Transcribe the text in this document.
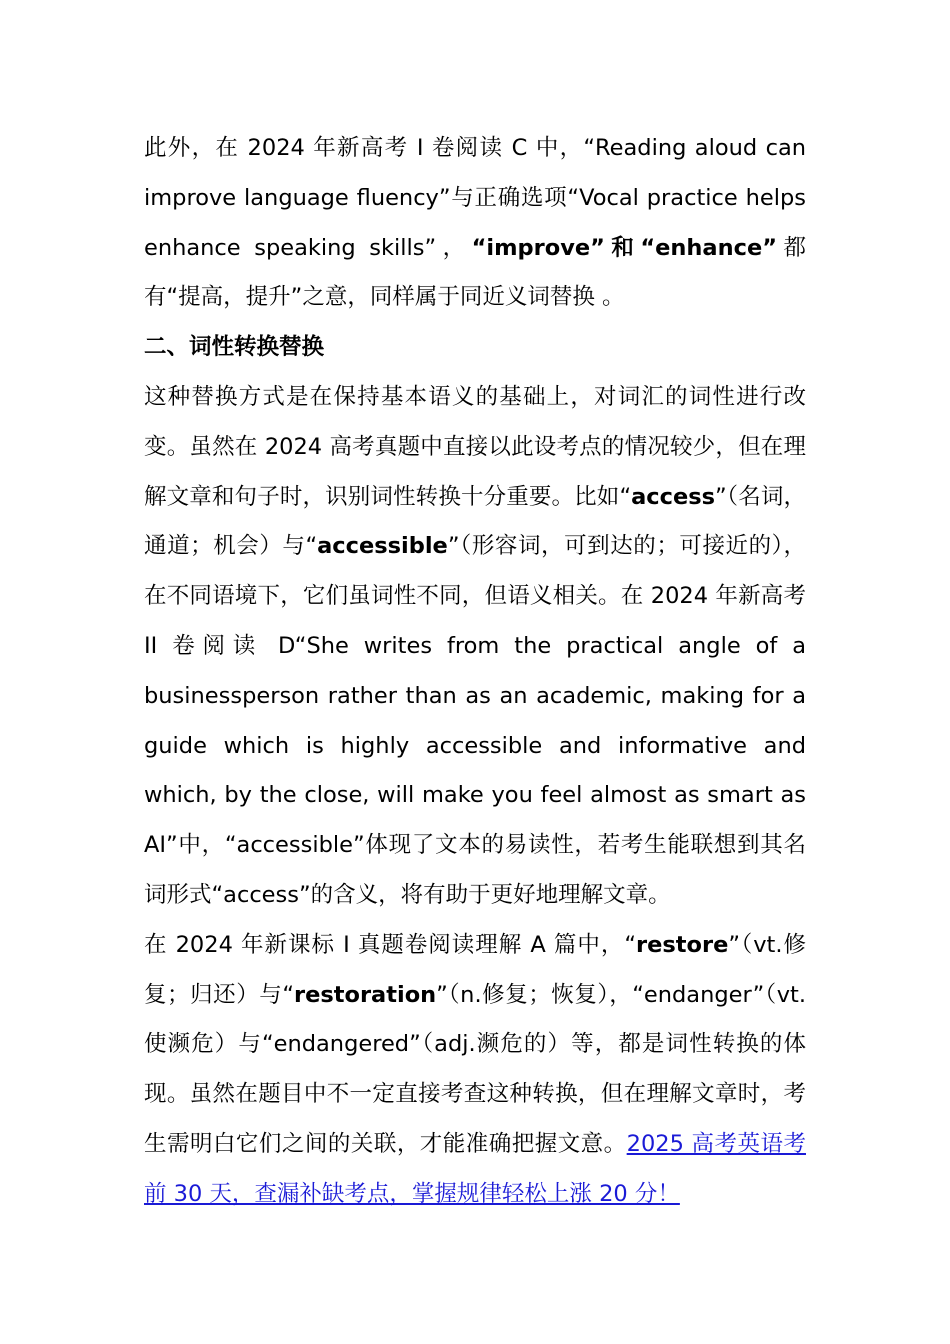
此外，在 2024 年新高考 I 卷阅读 C 中，“Reading aloud can improve language fluency”与正确选项“Vocal practice helps enhance speaking skills”，“improve”和“enhance”都有“提高，提升”之意，同样属于同近义词替换 。

二、词性转换替换

这种替换方式是在保持基本语义的基础上，对词汇的词性进行改变。虽然在 2024 高考真题中直接以此设考点的情况较少，但在理解文章和句子时，识别词性转换十分重要。比如“access”（名词，通道；机会）与“accessible”（形容词，可到达的；可接近的），在不同语境下，它们虽词性不同，但语义相关。在 2024 年新高考 II 卷阅读 D“She writes from the practical angle of a businessperson rather than as an academic, making for a guide which is highly accessible and informative and which, by the close, will make you feel almost as smart as AI”中，“accessible”体现了文本的易读性，若考生能联想到其名词形式“access”的含义，将有助于更好地理解文章。

在 2024 年新课标 I 真题卷阅读理解 A 篇中，“restore”（vt.修复；归还）与“restoration”（n.修复；恢复），“endanger”（vt.使濒危）与“endangered”（adj.濒危的）等，都是词性转换的体现。虽然在题目中不一定直接考查这种转换，但在理解文章时，考生需明白它们之间的关联，才能准确把握文意。2025 高考英语考前 30 天，查漏补缺考点，掌握规律轻松上涨 20 分！
